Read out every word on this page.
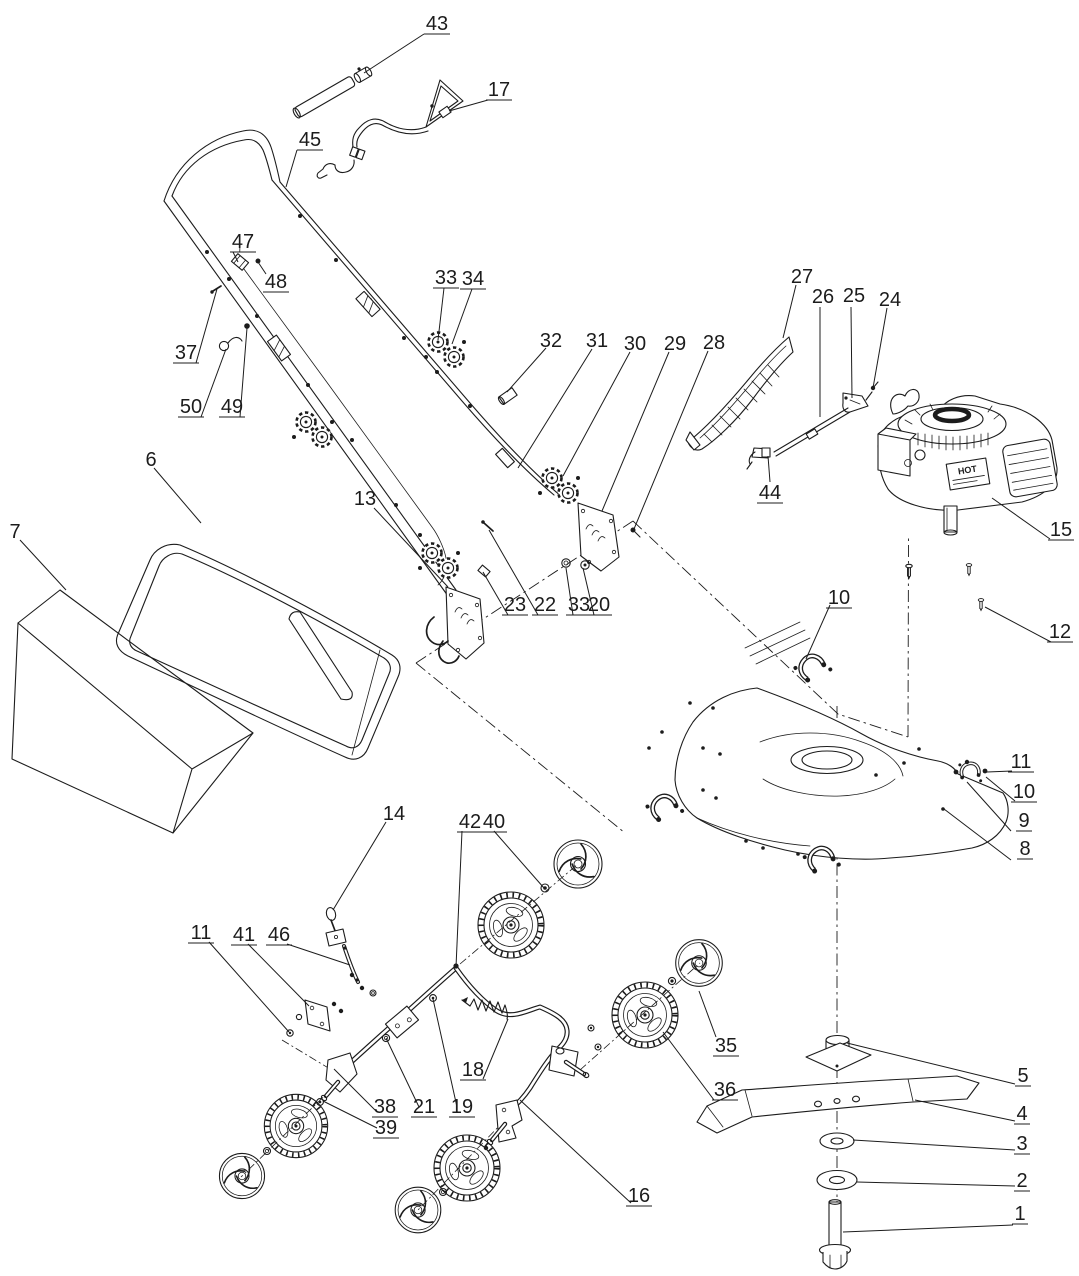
HOT
43
17
45
47
48
37
50 49
33 34
32 31 30 29 28
27
26 25 24
44
15
6
7
13
23 22 33
20	10
12
11
10
9
8
14	42 40
11 41 46
18
38
39
21 19
16
35
36
5
4
3
2
1
